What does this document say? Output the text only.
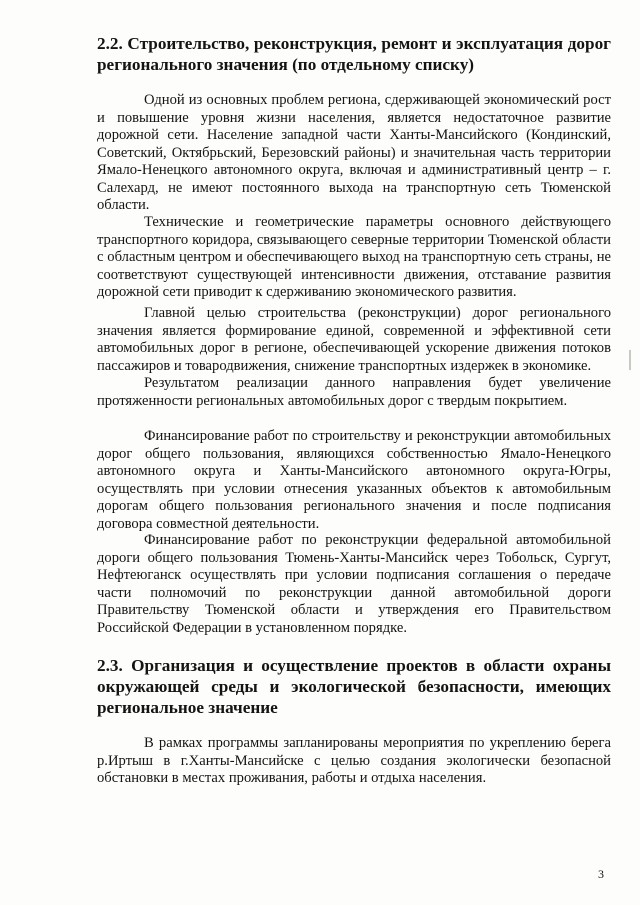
2.2. Строительство, реконструкция, ремонт и эксплуатация дорог регионального значения (по отдельному списку)

Одной из основных проблем региона, сдерживающей экономический рост и повышение уровня жизни населения, является недостаточное развитие дорожной сети. Население западной части Ханты-Мансийского (Кондинский, Советский, Октябрьский, Березовский районы) и значительная часть территории Ямало-Ненецкого автономного округа, включая и административный центр – г. Салехард, не имеют постоянного выхода на транспортную сеть Тюменской области.

Технические и геометрические параметры основного действующего транспортного коридора, связывающего северные территории Тюменской области с областным центром и обеспечивающего выход на транспортную сеть страны, не соответствуют существующей интенсивности движения, отставание развития дорожной сети приводит к сдерживанию экономического развития.

Главной целью строительства (реконструкции) дорог регионального значения является формирование единой, современной и эффективной сети автомобильных дорог в регионе, обеспечивающей ускорение движения потоков пассажиров и товародвижения, снижение транспортных издержек в экономике.

Результатом реализации данного направления будет увеличение протяженности региональных автомобильных дорог с твердым покрытием.

Финансирование работ по строительству и реконструкции автомобильных дорог общего пользования, являющихся собственностью Ямало-Ненецкого автономного округа и Ханты-Мансийского автономного округа-Югры, осуществлять при условии отнесения указанных объектов к автомобильным дорогам общего пользования регионального значения и после подписания договора совместной деятельности.

Финансирование работ по реконструкции федеральной автомобильной дороги общего пользования Тюмень-Ханты-Мансийск через Тобольск, Сургут, Нефтеюганск осуществлять при условии подписания соглашения о передаче части полномочий по реконструкции данной автомобильной дороги Правительству Тюменской области и утверждения его Правительством Российской Федерации в установленном порядке.

2.3. Организация и осуществление проектов в области охраны окружающей среды и экологической безопасности, имеющих региональное значение

В рамках программы запланированы мероприятия по укреплению берега р.Иртыш в г.Ханты-Мансийске с целью создания экологически безопасной обстановки в местах проживания, работы и отдыха населения.

3
